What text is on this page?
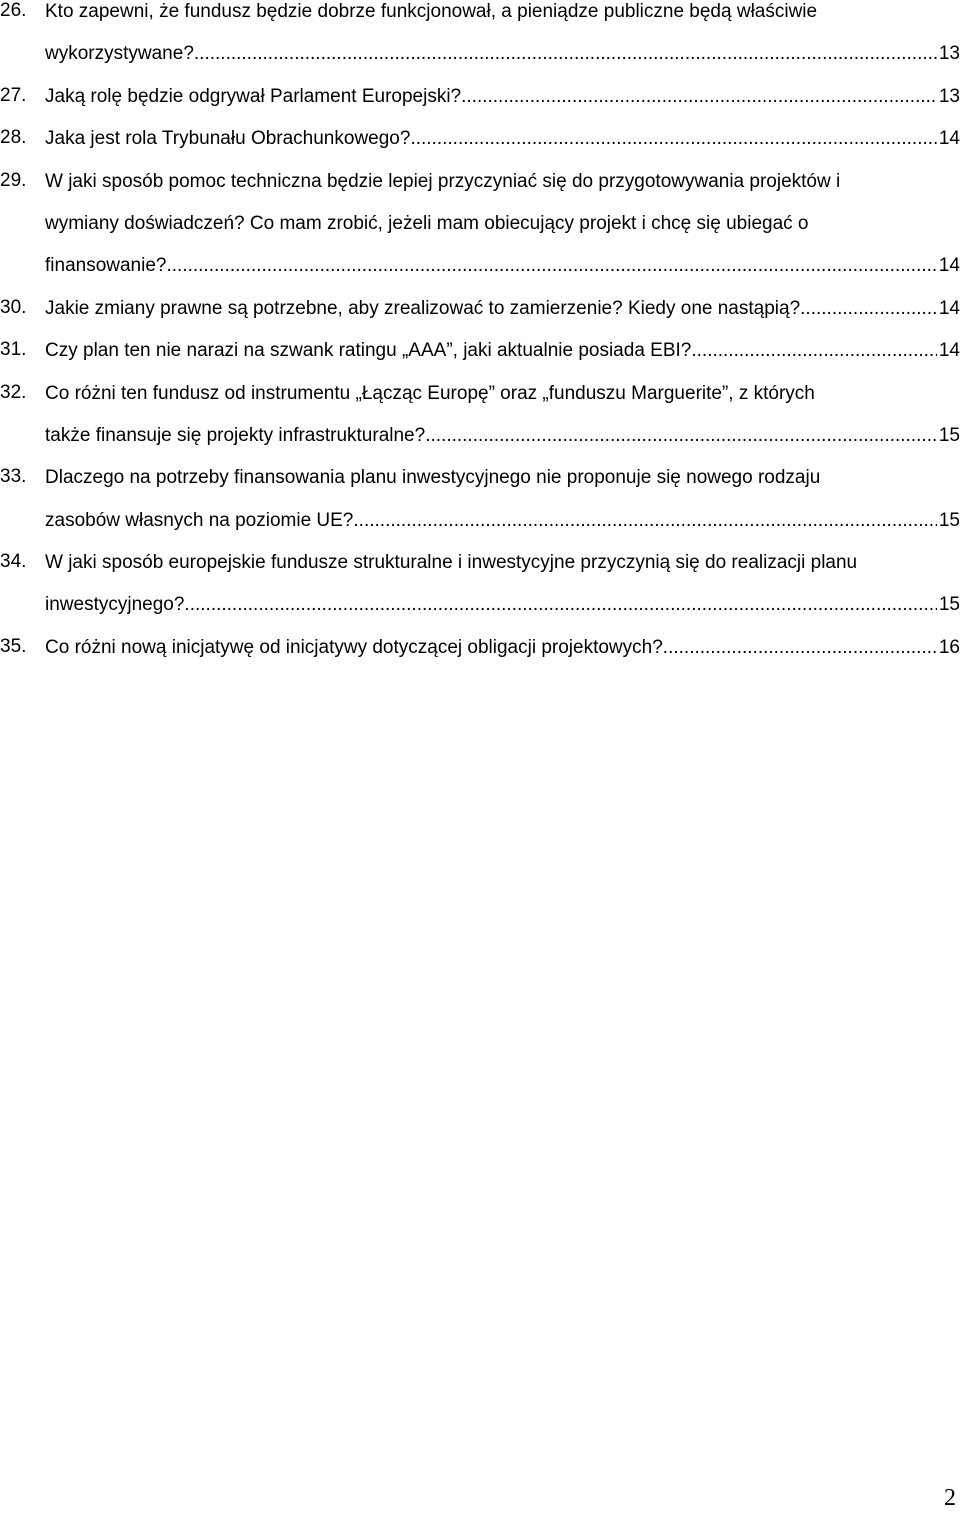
26. Kto zapewni, że fundusz będzie dobrze funkcjonował, a pieniądze publiczne będą właściwie
wykorzystywane? .....	13
27. Jaką rolę będzie odgrywał Parlament Europejski? .....	13
28. Jaka jest rola Trybunału Obrachunkowego? .....	14
29. W jaki sposób pomoc techniczna będzie lepiej przyczyniać się do przygotowywania projektów i
wymiany doświadczeń? Co mam zrobić, jeżeli mam obiecujący projekt i chcę się ubiegać o
finansowanie? .....	14
30. Jakie zmiany prawne są potrzebne, aby zrealizować to zamierzenie? Kiedy one nastąpią? .....	14
31. Czy plan ten nie narazi na szwank ratingu „AAA”, jaki aktualnie posiada EBI? .....	14
32. Co różni ten fundusz od instrumentu „Łącząc Europę” oraz „funduszu Marguerite”, z których
także finansuje się projekty infrastrukturalne? .....	15
33. Dlaczego na potrzeby finansowania planu inwestycyjnego nie proponuje się nowego rodzaju
zasobów własnych na poziomie UE? .....	15
34. W jaki sposób europejskie fundusze strukturalne i inwestycyjne przyczynią się do realizacji planu
inwestycyjnego? .....	15
35. Co różni nową inicjatywę od inicjatywy dotyczącej obligacji projektowych? .....	16
2
